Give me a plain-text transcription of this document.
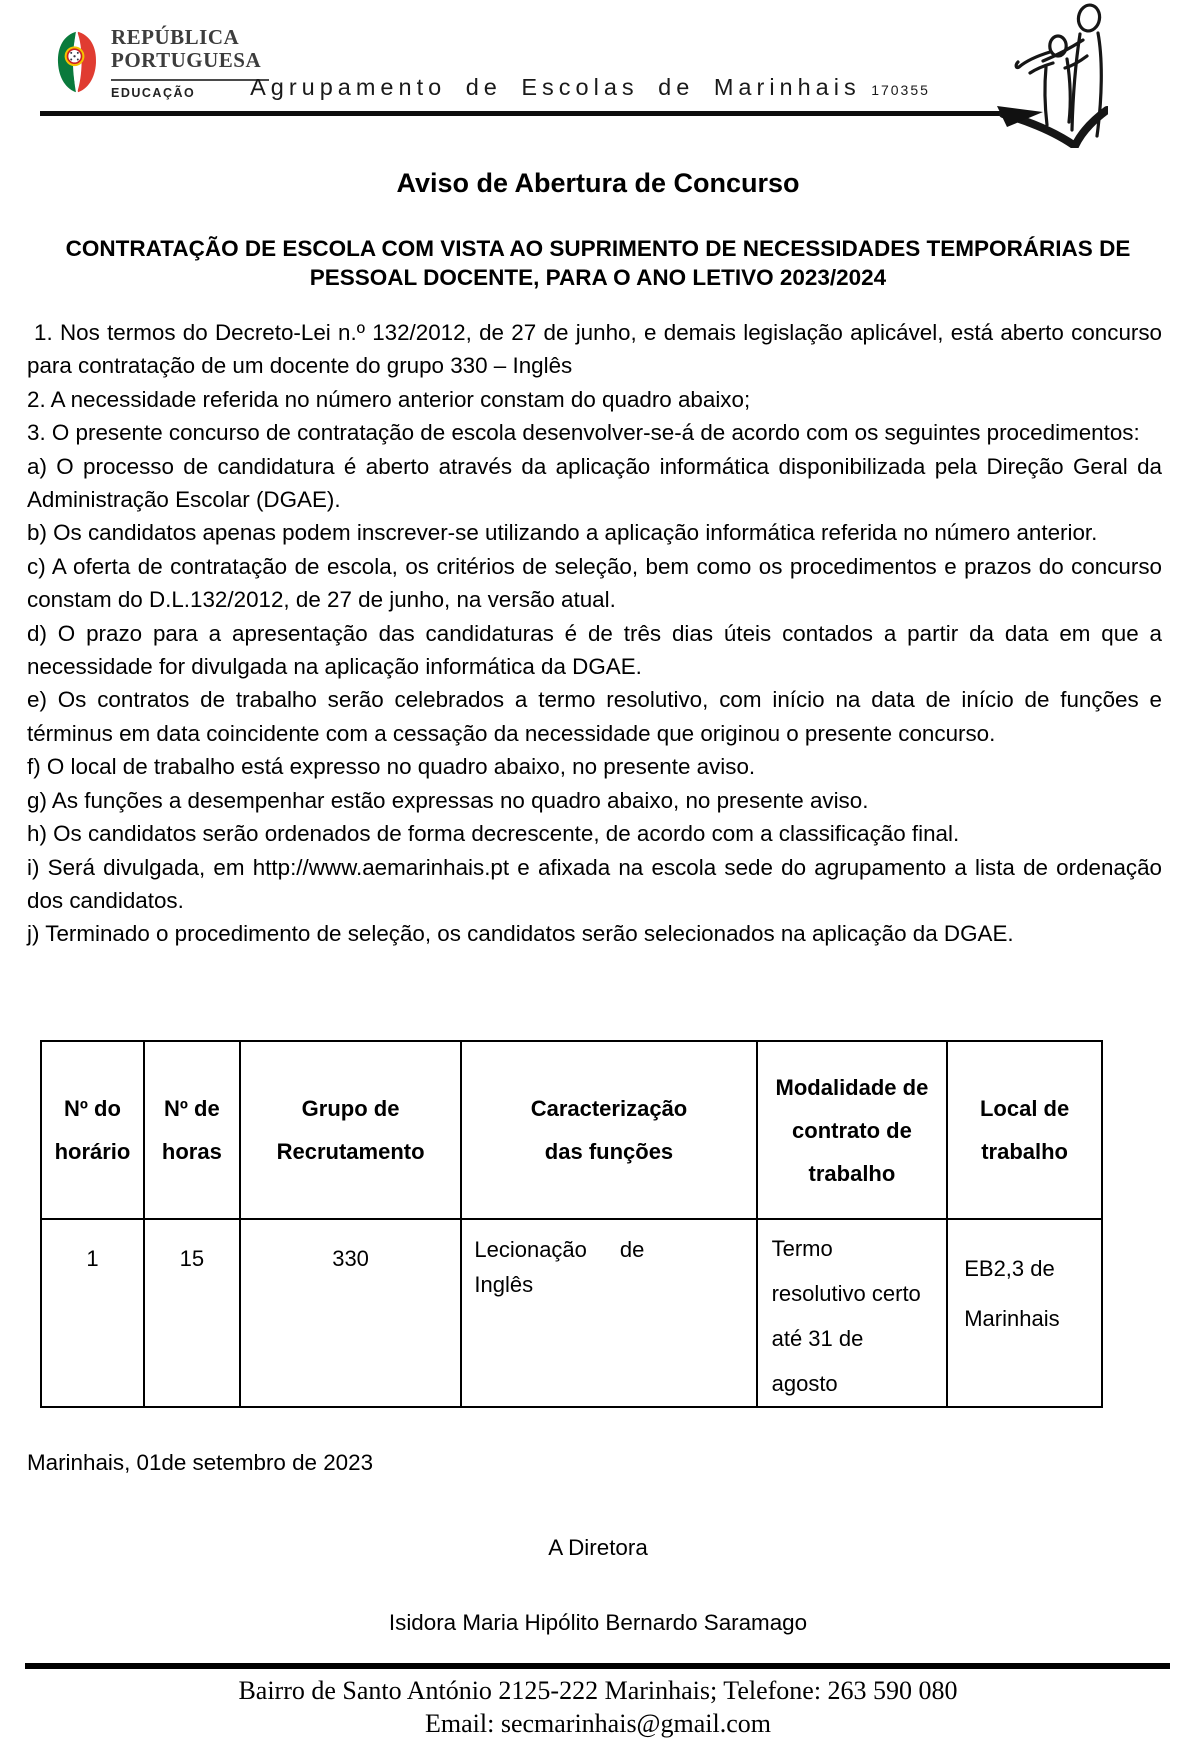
REPÚBLICA
PORTUGUESA
EDUCAÇÃO	Agrupamento de Escolas de Marinhais 170355
Aviso de Abertura de Concurso
CONTRATAÇÃO DE ESCOLA COM VISTA AO SUPRIMENTO DE NECESSIDADES TEMPORÁRIAS DE
PESSOAL DOCENTE, PARA O ANO LETIVO 2023/2024

1. Nos termos do Decreto-Lei n.º 132/2012, de 27 de junho, e demais legislação aplicável, está aberto concurso para contratação de um docente do grupo 330 – Inglês

2. A necessidade referida no número anterior constam do quadro abaixo;

3. O presente concurso de contratação de escola desenvolver-se-á de acordo com os seguintes procedimentos:

a) O processo de candidatura é aberto através da aplicação informática disponibilizada pela Direção Geral da Administração Escolar (DGAE).

b) Os candidatos apenas podem inscrever-se utilizando a aplicação informática referida no número anterior.

c) A oferta de contratação de escola, os critérios de seleção, bem como os procedimentos e prazos do concurso constam do D.L.132/2012, de 27 de junho, na versão atual.

d) O prazo para a apresentação das candidaturas é de três dias úteis contados a partir da data em que a necessidade for divulgada na aplicação informática da DGAE.

e) Os contratos de trabalho serão celebrados a termo resolutivo, com início na data de início de funções e términus em data coincidente com a cessação da necessidade que originou o presente concurso.

f) O local de trabalho está expresso no quadro abaixo, no presente aviso.

g) As funções a desempenhar estão expressas no quadro abaixo, no presente aviso.

h) Os candidatos serão ordenados de forma decrescente, de acordo com a classificação final.

i) Será divulgada, em http://www.aemarinhais.pt e afixada na escola sede do agrupamento a lista de ordenação dos candidatos.

j) Terminado o procedimento de seleção, os candidatos serão selecionados na aplicação da DGAE.

Nº do horário	Nº de horas	Grupo de Recrutamento	Caracterização das funções	Modalidade de contrato de trabalho	Local de trabalho
1	15	330	Lecionação de Inglês	Termo resolutivo certo até 31 de agosto	EB2,3 de Marinhais
Marinhais, 01de setembro de 2023
A Diretora
Isidora Maria Hipólito Bernardo Saramago
Bairro de Santo António 2125-222 Marinhais; Telefone: 263 590 080
Email: secmarinhais@gmail.com
